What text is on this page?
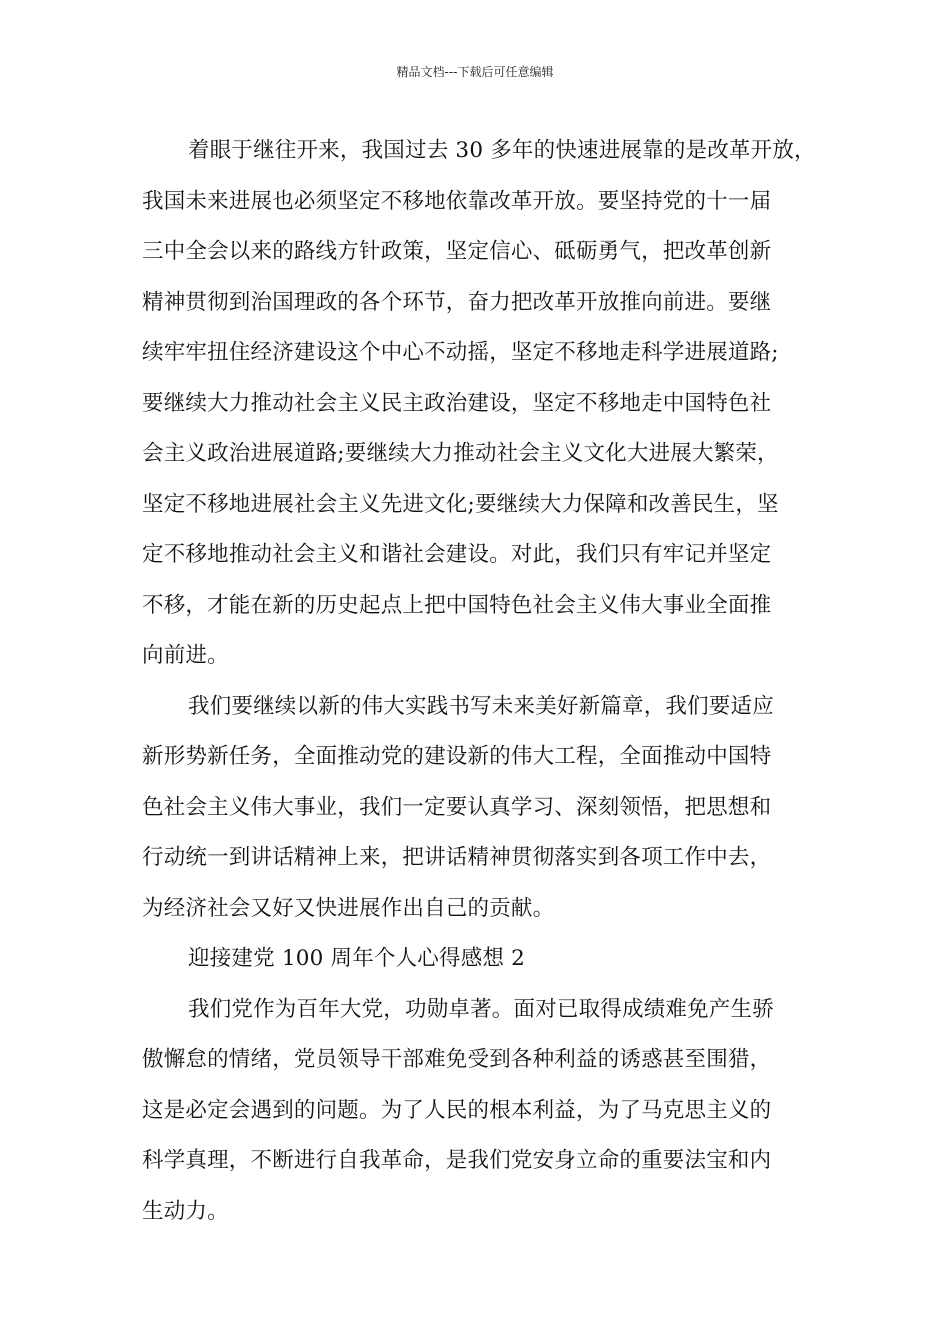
精品文档---下载后可任意编辑
着眼于继往开来，我国过去 30 多年的快速进展靠的是改革开放，
我国未来进展也必须坚定不移地依靠改革开放。要坚持党的十一届
三中全会以来的路线方针政策，坚定信心、砥砺勇气，把改革创新
精神贯彻到治国理政的各个环节，奋力把改革开放推向前进。要继
续牢牢扭住经济建设这个中心不动摇，坚定不移地走科学进展道路;
要继续大力推动社会主义民主政治建设，坚定不移地走中国特色社
会主义政治进展道路;要继续大力推动社会主义文化大进展大繁荣，
坚定不移地进展社会主义先进文化;要继续大力保障和改善民生，坚
定不移地推动社会主义和谐社会建设。对此，我们只有牢记并坚定
不移，才能在新的历史起点上把中国特色社会主义伟大事业全面推
向前进。
我们要继续以新的伟大实践书写未来美好新篇章，我们要适应
新形势新任务，全面推动党的建设新的伟大工程，全面推动中国特
色社会主义伟大事业，我们一定要认真学习、深刻领悟，把思想和
行动统一到讲话精神上来，把讲话精神贯彻落实到各项工作中去，
为经济社会又好又快进展作出自己的贡献。
迎接建党 100 周年个人心得感想 2
我们党作为百年大党，功勋卓著。面对已取得成绩难免产生骄
傲懈怠的情绪，党员领导干部难免受到各种利益的诱惑甚至围猎，
这是必定会遇到的问题。为了人民的根本利益，为了马克思主义的
科学真理，不断进行自我革命，是我们党安身立命的重要法宝和内
生动力。
